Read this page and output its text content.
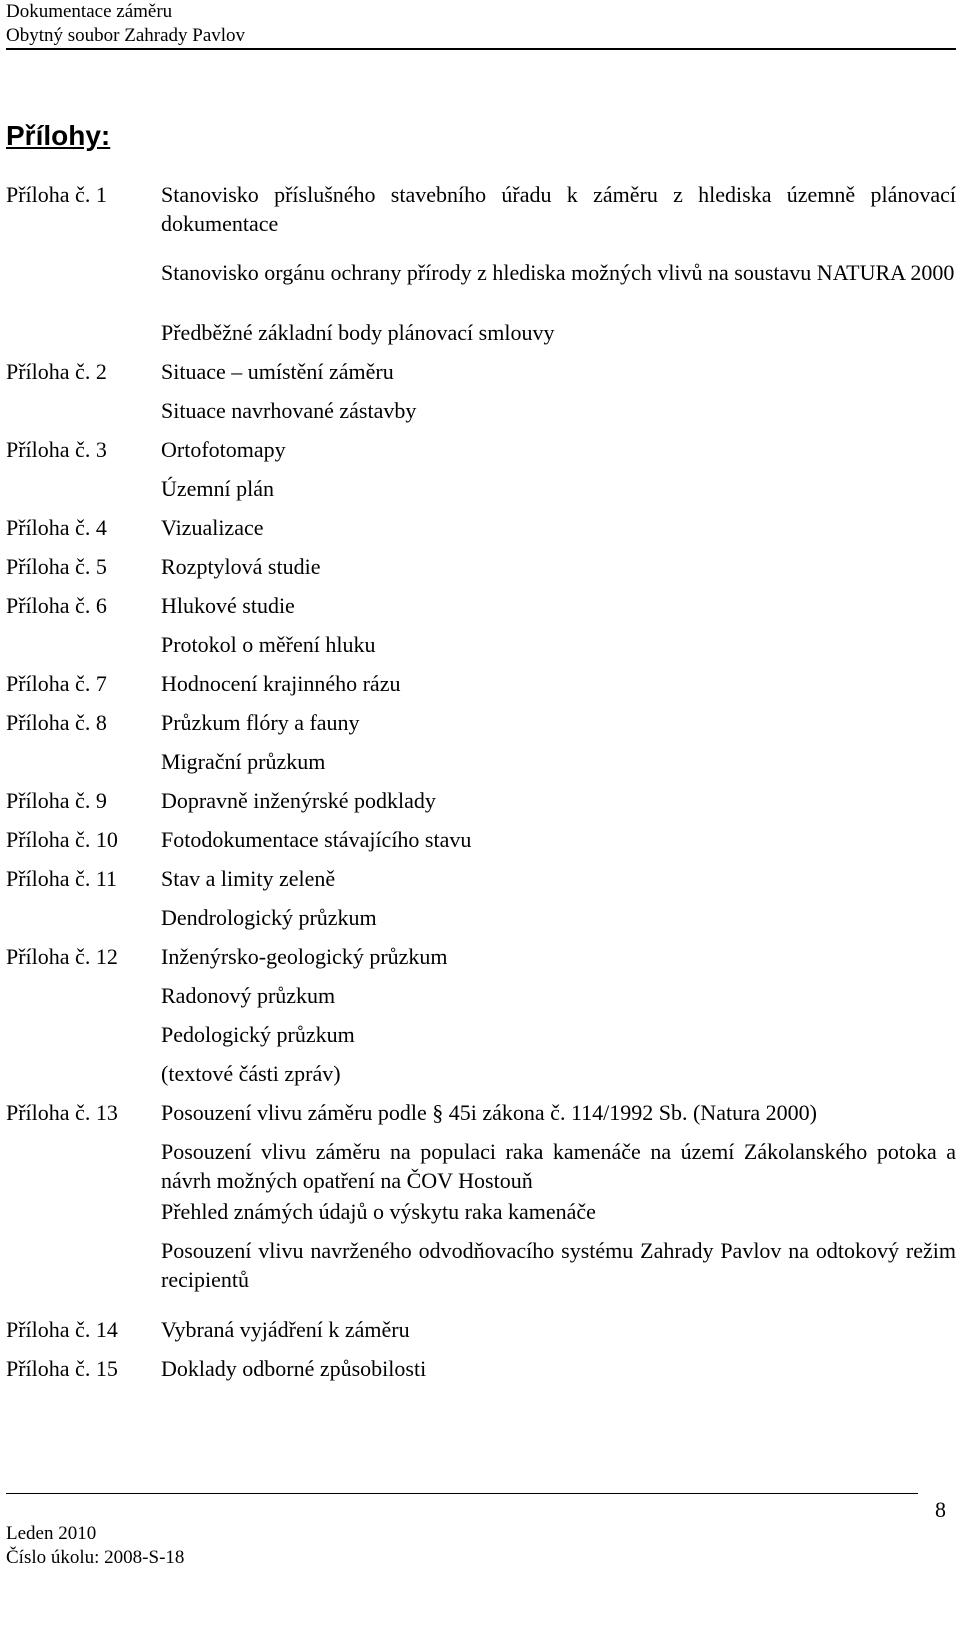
Dokumentace záměru
Obytný soubor Zahrady Pavlov
Přílohy:
Příloha č. 1 Stanovisko příslušného stavebního úřadu k záměru z hlediska územně plánovací dokumentace
Stanovisko orgánu ochrany přírody z hlediska možných vlivů na soustavu NATURA 2000
Předběžné základní body plánovací smlouvy
Příloha č. 2 Situace – umístění záměru
Situace navrhované zástavby
Příloha č. 3 Ortofotomapy
Územní plán
Příloha č. 4 Vizualizace
Příloha č. 5 Rozptylová studie
Příloha č. 6 Hlukové studie
Protokol o měření hluku
Příloha č. 7 Hodnocení krajinného rázu
Příloha č. 8 Průzkum flóry a fauny
Migrační průzkum
Příloha č. 9 Dopravně inženýrské podklady
Příloha č. 10 Fotodokumentace stávajícího stavu
Příloha č. 11 Stav a limity zeleně
Dendrologický průzkum
Příloha č. 12 Inženýrsko-geologický průzkum
Radonový průzkum
Pedologický průzkum
(textové části zpráv)
Příloha č. 13 Posouzení vlivu záměru podle § 45i zákona č. 114/1992 Sb. (Natura 2000)
Posouzení vlivu záměru na populaci raka kamenáče na území Zákolanského potoka a návrh možných opatření na ČOV Hostouň
Přehled známých údajů o výskytu raka kamenáče
Posouzení vlivu navrženého odvodňovacího systému Zahrady Pavlov na odtokový režim recipientů
Příloha č. 14 Vybraná vyjádření k záměru
Příloha č. 15 Doklady odborné způsobilosti
8
Leden 2010
Číslo úkolu: 2008-S-18
